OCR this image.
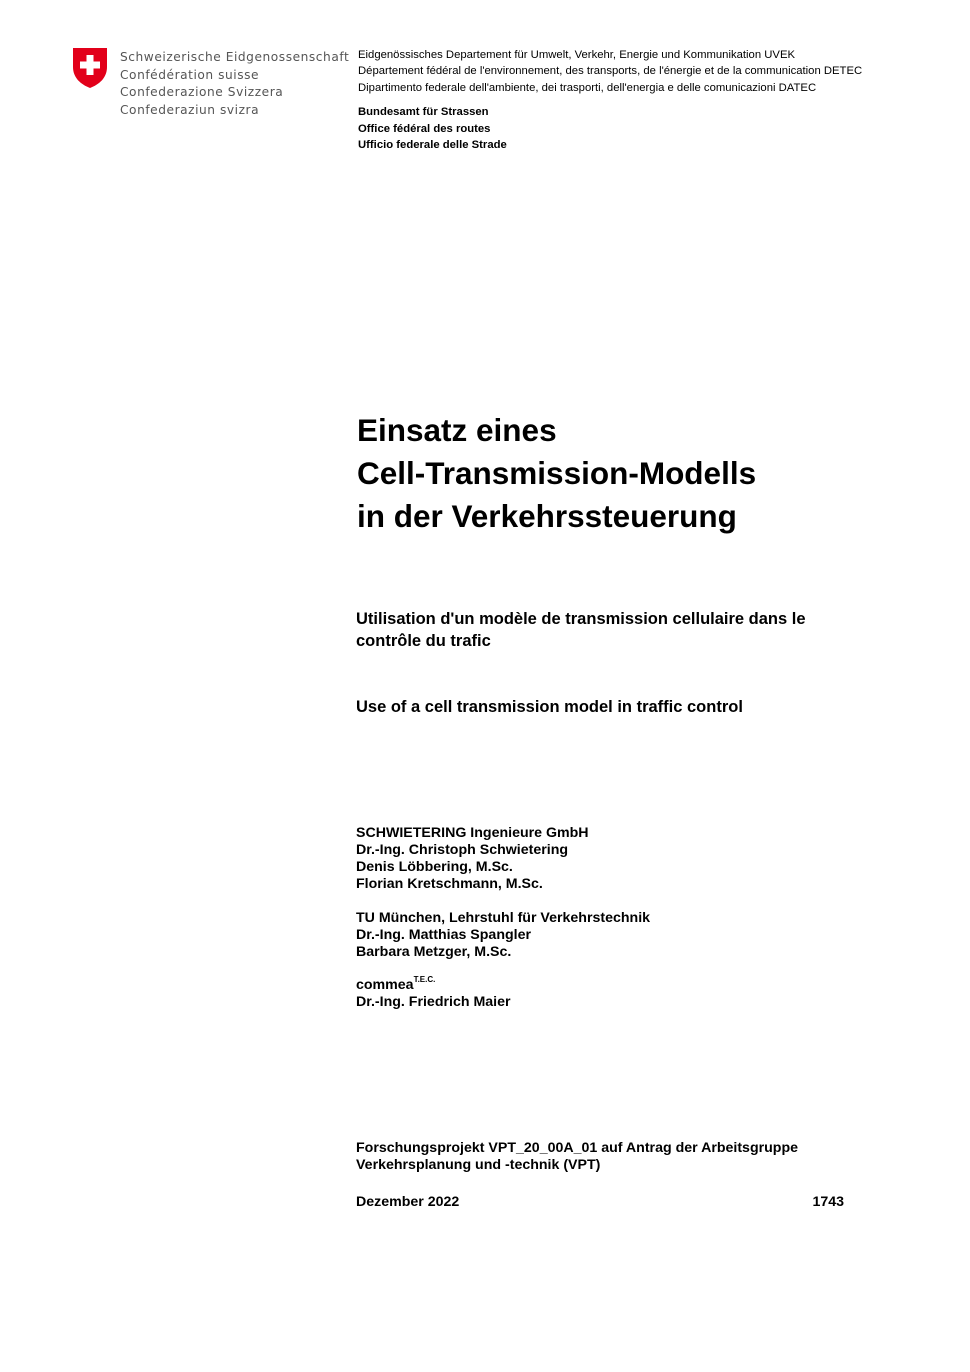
Schweizerische Eidgenossenschaft
Confédération suisse
Confederazione Svizzera
Confederaziun svizra
Eidgenössisches Departement für Umwelt, Verkehr, Energie und Kommunikation UVEK
Département fédéral de l'environnement, des transports, de l'énergie et de la communication DETEC
Dipartimento federale dell'ambiente, dei trasporti, dell'energia e delle comunicazioni DATEC
Bundesamt für Strassen
Office fédéral des routes
Ufficio federale delle Strade
Einsatz eines
Cell-Transmission-Modells
in der Verkehrssteuerung
Utilisation d'un modèle de transmission cellulaire dans le contrôle du trafic
Use of a cell transmission model in traffic control
SCHWIETERING Ingenieure GmbH
Dr.-Ing. Christoph Schwietering
Denis Löbbering, M.Sc.
Florian Kretschmann, M.Sc.
TU München, Lehrstuhl für Verkehrstechnik
Dr.-Ing. Matthias Spangler
Barbara Metzger, M.Sc.
commea$^{T.E.C.}$
Dr.-Ing. Friedrich Maier
Forschungsprojekt VPT_20_00A_01 auf Antrag der Arbeitsgruppe
Verkehrsplanung und -technik (VPT)
Dezember 2022	1743
